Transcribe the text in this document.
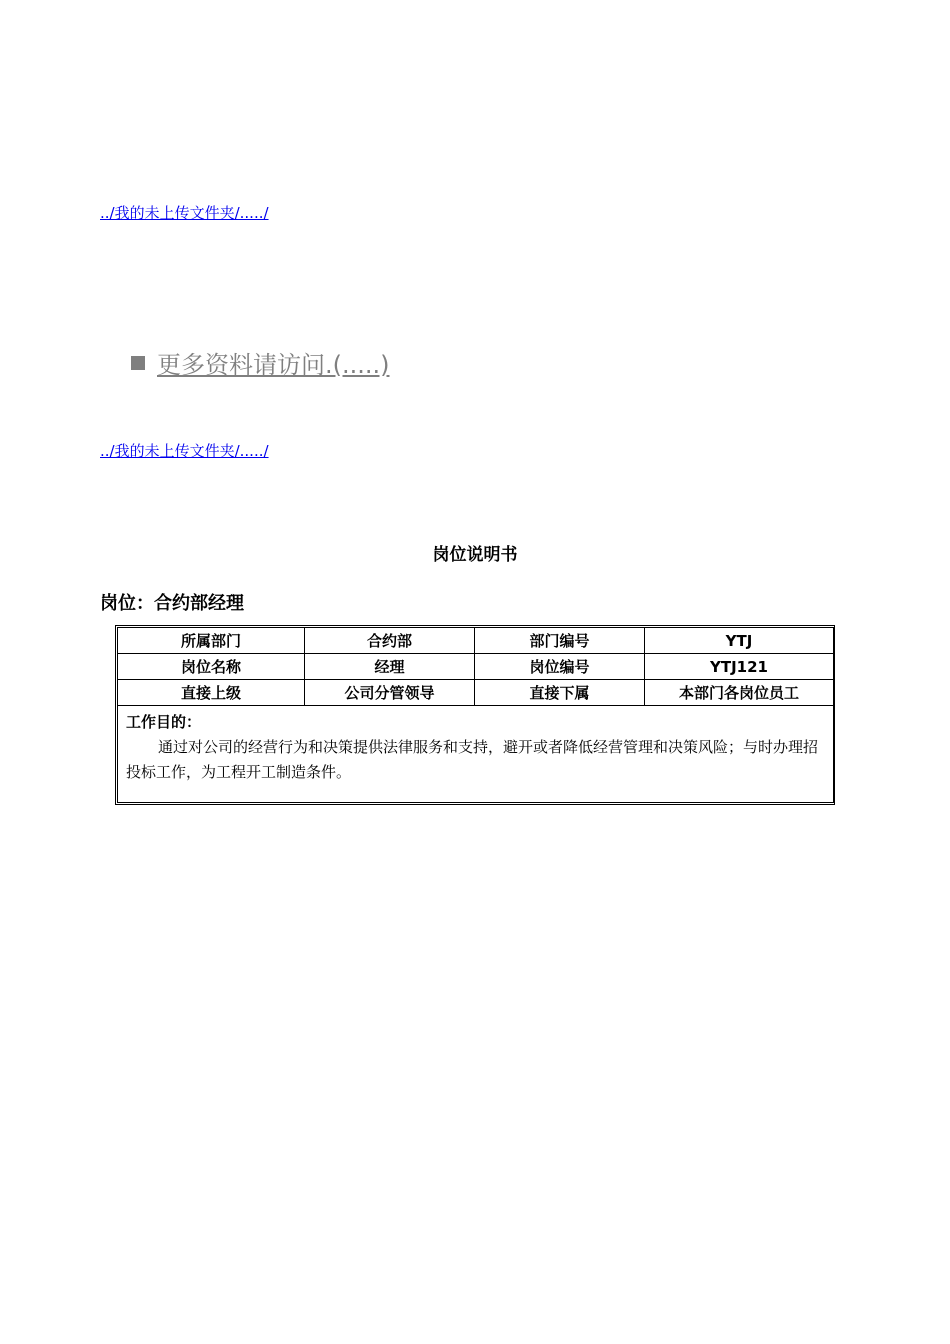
../我的未上传文件夹/...../
更多资料请访问.(.....)
../我的未上传文件夹/...../
岗位说明书
岗位：合约部经理
所属部门	合约部	部门编号	YTJ
岗位名称	经理	岗位编号	YTJ121
直接上级	公司分管领导	直接下属	本部门各岗位员工

工作目的：
通过对公司的经营行为和决策提供法律服务和支持，避开或者降低经营管理和决策风险；与时办理招投标工作，为工程开工制造条件。			
